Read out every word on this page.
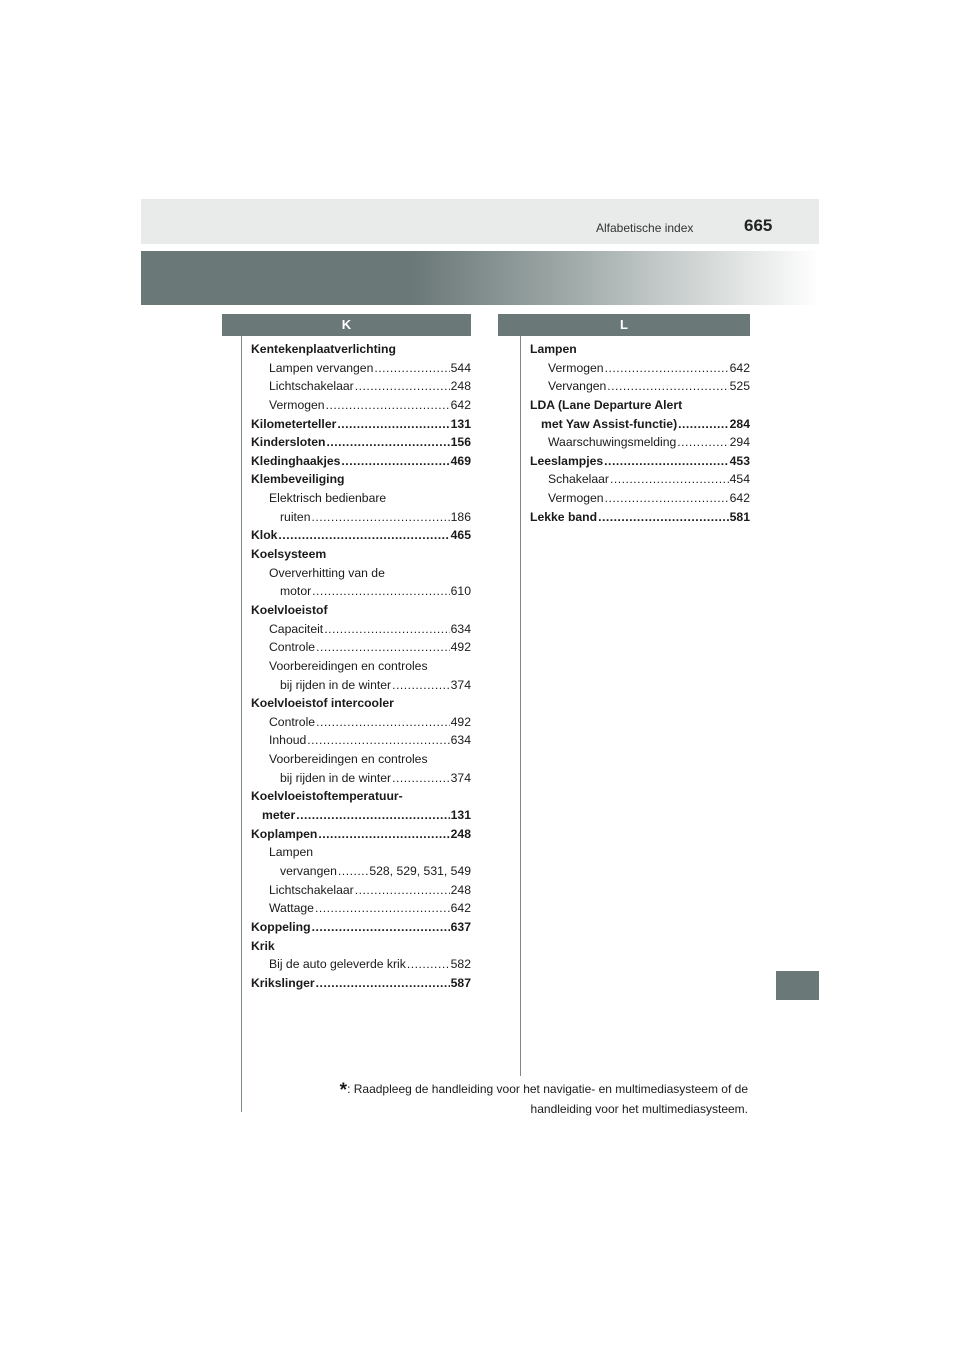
Alfabetische index	665
K	L
Kentekenplaatverlichting
Lampen vervangen .....	544
Lichtschakelaar .....	248
Vermogen .....	642
Kilometerteller .....	131
Kindersloten .....	156
Kledinghaakjes .....	469
Klembeveiliging
Elektrisch bedienbare
ruiten .....	186
Klok .....	465
Koelsysteem
Oververhitting van de
motor .....	610
Koelvloeistof
Capaciteit .....	634
Controle .....	492
Voorbereidingen en controles
bij rijden in de winter .....	374
Koelvloeistof intercooler
Controle .....	492
Inhoud .....	634
Voorbereidingen en controles
bij rijden in de winter .....	374
Koelvloeistoftemperatuur-
meter .....	131
Koplampen .....	248
Lampen
vervangen .....	528, 529, 531, 549
Lichtschakelaar .....	248
Wattage .....	642
Koppeling .....	637
Krik
Bij de auto geleverde krik .....	582
Krikslinger .....	587
Lampen
Vermogen .....	642
Vervangen .....	525
LDA (Lane Departure Alert
met Yaw Assist-functie) .....	284
Waarschuwingsmelding .....	294
Leeslampjes .....	453
Schakelaar .....	454
Vermogen .....	642
Lekke band .....	581
*: Raadpleeg de handleiding voor het navigatie- en multimediasysteem of de handleiding voor het multimediasysteem.
